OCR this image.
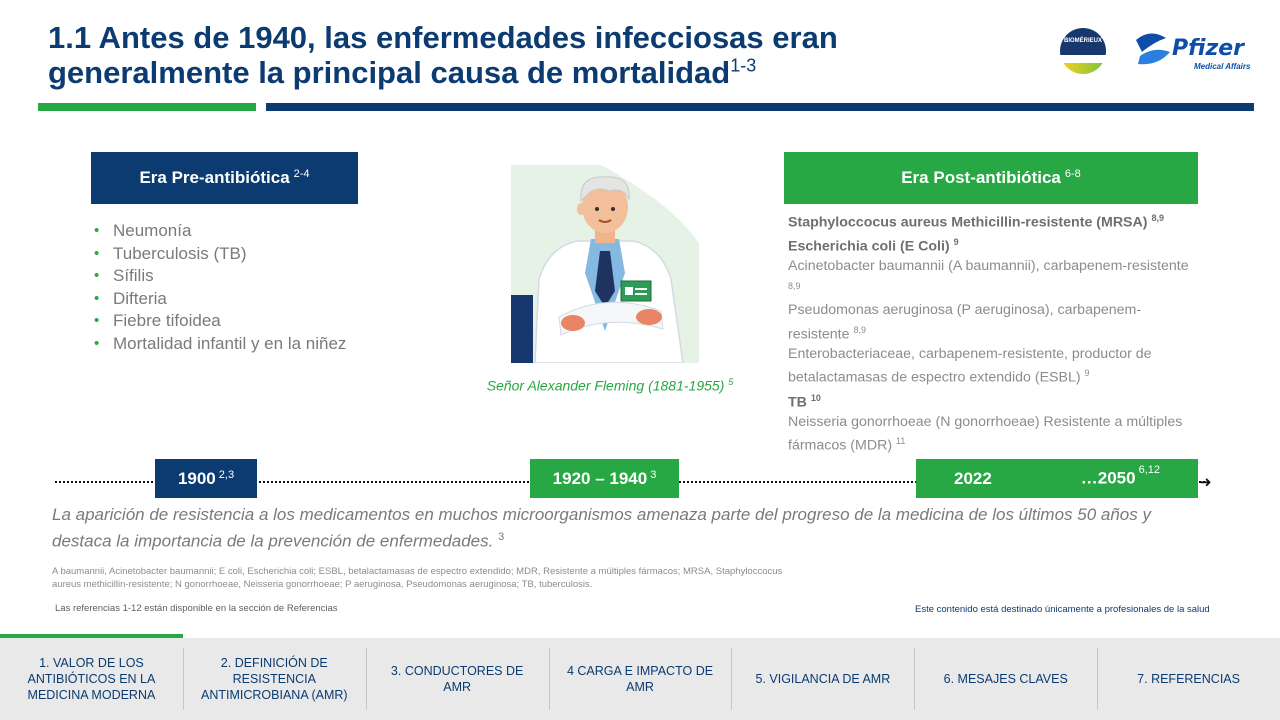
1.1 Antes de 1940, las enfermedades infecciosas eran generalmente la principal causa de mortalidad$^{1-3}$
BIOMÉRIEUX	Pfizer
Medical Affairs
Era Pre-antibiótica $^{2-4}$
• Neumonía
• Tuberculosis (TB)
• Sífilis
• Difteria
• Fiebre tifoidea
• Mortalidad infantil y en la niñez
Señor Alexander Fleming (1881-1955) $^5$
Era Post-antibiótica $^{6-8}$

Staphyloccocus aureus Methicillin-resistente (MRSA) $^{8,9}$

Escherichia coli (E Coli) $^9$

Acinetobacter baumannii (A baumannii), carbapenem-resistente $^{8,9}$

Pseudomonas aeruginosa (P aeruginosa), carbapenem-resistente $^{8,9}$

Enterobacteriaceae, carbapenem-resistente, productor de betalactamasas de espectro extendido (ESBL) $^9$

TB $^{10}$

Neisseria gonorrhoeae (N gonorrhoeae) Resistente a múltiples fármacos (MDR) $^{11}$

➜
1900 $^{2,3}$	1920 – 1940 $^3$	2022	…2050 $^{6,12}$
La aparición de resistencia a los medicamentos en muchos microorganismos amenaza parte del progreso de la medicina de los últimos 50 años y destaca la importancia de la prevención de enfermedades. $^3$
A baumannii, Acinetobacter baumannii; E coli, Escherichia coli; ESBL, betalactamasas de espectro extendido; MDR, Resistente a múltiples fármacos; MRSA, Staphyloccocus aureus methicillin-resistente; N gonorrhoeae, Neisseria gonorrhoeae; P aeruginosa, Pseudomonas aeruginosa; TB, tuberculosis.
Las referencias 1-12 están disponible en la sección de Referencias	Este contenido está destinado únicamente a profesionales de la salud
1. VALOR DE LOS ANTIBIÓTICOS EN LA MEDICINA MODERNA
2. DEFINICIÓN DE RESISTENCIA ANTIMICROBIANA (AMR)
3. CONDUCTORES DE AMR
4 CARGA E IMPACTO DE AMR
5. VIGILANCIA DE AMR	6. MESAJES CLAVES	7. REFERENCIAS
